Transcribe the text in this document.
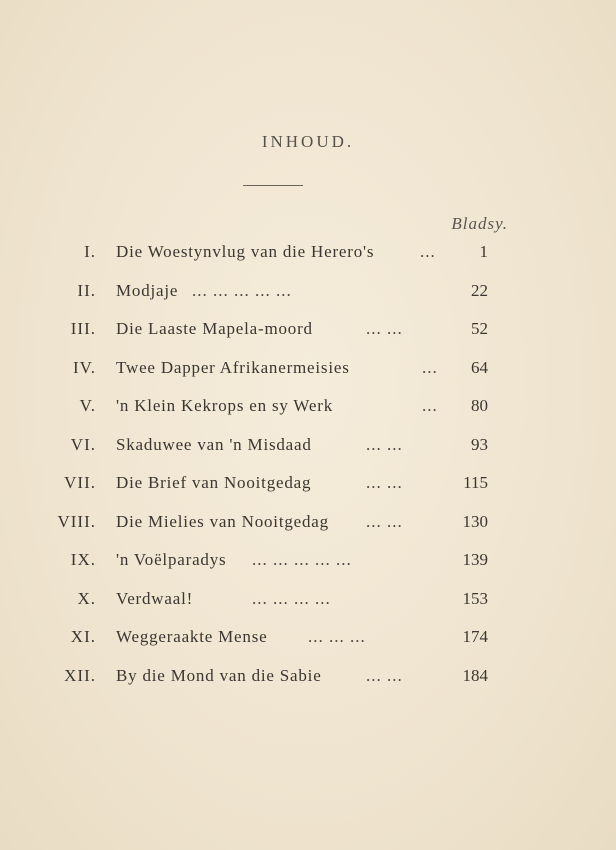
INHOUD.
Bladsy.
I. Die Woestynvlug van die Herero's	...	1
II. Modjaje ... ... ... ... ...	22
III. Die Laaste Mapela-moord	... ...	52
IV. Twee Dapper Afrikanermeisies	... 64
V. 'n Klein Kekrops en sy Werk	... 80
VI. Skaduwee van 'n Misdaad	... ...	93
VII. Die Brief van Nooitgedag	... ...	115
VIII. Die Mielies van Nooitgedag ... ...	130
IX. 'n Voëlparadys ... ... ... ... ...	139
X. Verdwaal!	... ... ... ...	153
XI. Weggeraakte Mense ... ... ...	174
XII. By die Mond van die Sabie	... ...	184
